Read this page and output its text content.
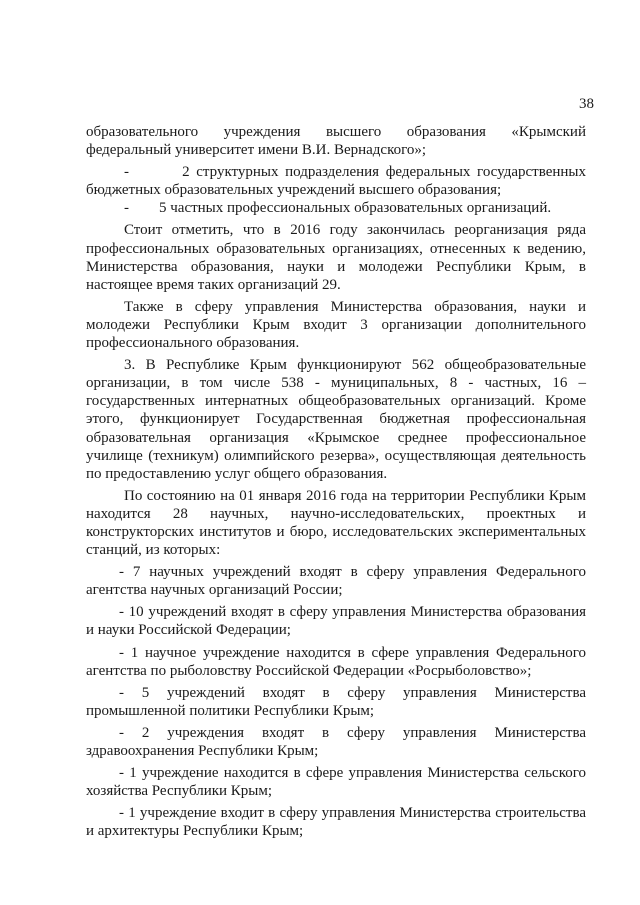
38

образовательного учреждения высшего образования «Крымский федеральный университет имени В.И. Вернадского»;

-        2 структурных подразделения федеральных государственных бюджетных образовательных учреждений высшего образования;

-        5 частных профессиональных образовательных организаций.

Стоит отметить, что в 2016 году закончилась реорганизация ряда профессиональных образовательных организациях, отнесенных к ведению, Министерства образования, науки и молодежи Республики Крым, в настоящее время таких организаций 29.

Также в сферу управления Министерства образования, науки и молодежи Республики Крым входит 3 организации дополнительного профессионального образования.

3. В Республике Крым функционируют 562 общеобразовательные организации, в том числе 538 - муниципальных, 8 - частных, 16 – государственных интернатных общеобразовательных организаций. Кроме этого, функционирует Государственная бюджетная профессиональная образовательная организация «Крымское среднее профессиональное училище (техникум) олимпийского резерва», осуществляющая деятельность по предоставлению услуг общего образования.

По состоянию на 01 января 2016 года на территории Республики Крым находится 28 научных, научно-исследовательских, проектных и конструкторских институтов и бюро, исследовательских экспериментальных станций, из которых:

- 7 научных учреждений входят в сферу управления Федерального агентства научных организаций России;

- 10 учреждений входят в сферу управления Министерства образования и науки Российской Федерации;

- 1 научное учреждение находится в сфере управления Федерального агентства по рыболовству Российской Федерации «Росрыболовство»;

- 5 учреждений входят в сферу управления Министерства промышленной политики Республики Крым;

- 2 учреждения входят в сферу управления Министерства здравоохранения Республики Крым;

- 1 учреждение находится в сфере управления Министерства сельского хозяйства Республики Крым;

- 1 учреждение входит в сферу управления Министерства строительства и архитектуры Республики Крым;
